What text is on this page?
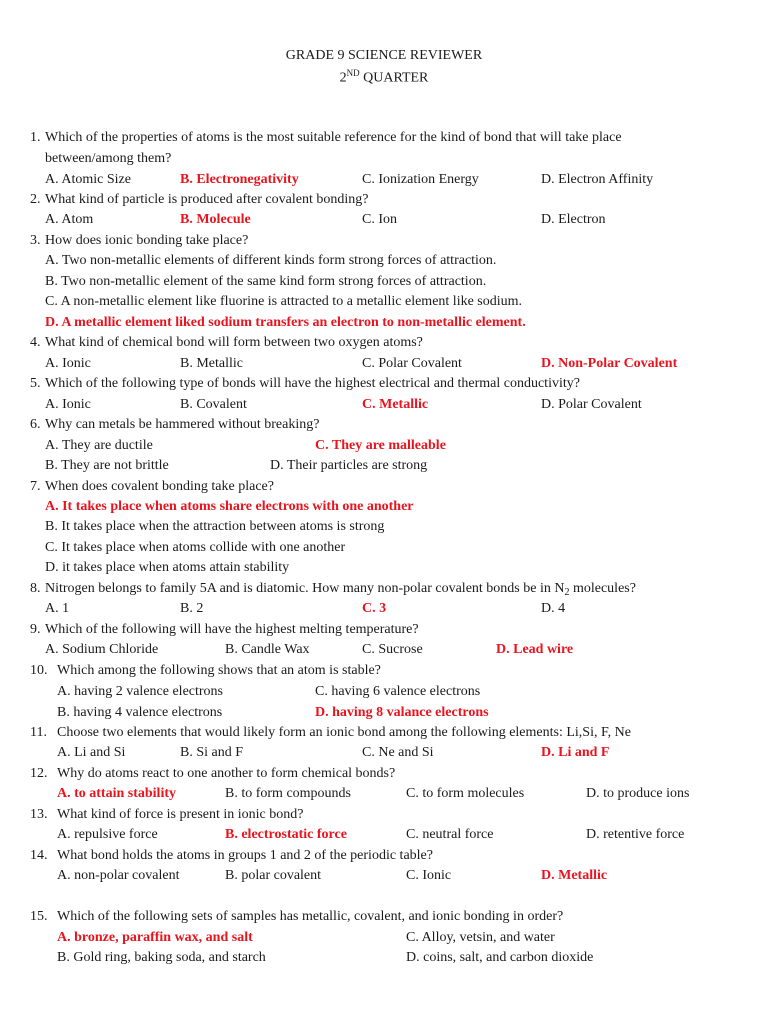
GRADE 9 SCIENCE REVIEWER
2ND QUARTER
1. Which of the properties of atoms is the most suitable reference for the kind of bond that will take place
between/among them?
A. Atomic Size	B. Electronegativity	C. Ionization Energy	D. Electron Affinity
2. What kind of particle is produced after covalent bonding?
A. Atom	B. Molecule	C. Ion	D. Electron
3. How does ionic bonding take place?
A. Two non-metallic elements of different kinds form strong forces of attraction.
B. Two non-metallic element of the same kind form strong forces of attraction.
C. A non-metallic element like fluorine is attracted to a metallic element like sodium.
D. A metallic element liked sodium transfers an electron to non-metallic element.
4. What kind of chemical bond will form between two oxygen atoms?
A. Ionic	B. Metallic	C. Polar Covalent	D. Non-Polar Covalent
5. Which of the following type of bonds will have the highest electrical and thermal conductivity?
A. Ionic	B. Covalent	C. Metallic	D. Polar Covalent
6. Why can metals be hammered without breaking?
A. They are ductile	C. They are malleable
B. They are not brittle	D. Their particles are strong
7. When does covalent bonding take place?
A. It takes place when atoms share electrons with one another
B. It takes place when the attraction between atoms is strong
C. It takes place when atoms collide with one another
D. it takes place when atoms attain stability
8. Nitrogen belongs to family 5A and is diatomic. How many non-polar covalent bonds be in $N_2$ molecules?
A. 1	B. 2	C. 3	D. 4
9. Which of the following will have the highest melting temperature?
A. Sodium Chloride	B. Candle Wax	C. Sucrose	D. Lead wire
10. Which among the following shows that an atom is stable?
A. having 2 valence electrons	C. having 6 valence electrons
B. having 4 valence electrons	D. having 8 valance electrons
11. Choose two elements that would likely form an ionic bond among the following elements: Li,Si, F, Ne
A. Li and Si	B. Si and F	C. Ne and Si	D. Li and F
12. Why do atoms react to one another to form chemical bonds?
A. to attain stability	B. to form compounds	C. to form molecules	D. to produce ions
13. What kind of force is present in ionic bond?
A. repulsive force	B. electrostatic force	C. neutral force	D. retentive force
14. What bond holds the atoms in groups 1 and 2 of the periodic table?
A. non-polar covalent	B. polar covalent	C. Ionic	D. Metallic
15. Which of the following sets of samples has metallic, covalent, and ionic bonding in order?
A. bronze, paraffin wax, and salt	C. Alloy, vetsin, and water
B. Gold ring, baking soda, and starch	D. coins, salt, and carbon dioxide
